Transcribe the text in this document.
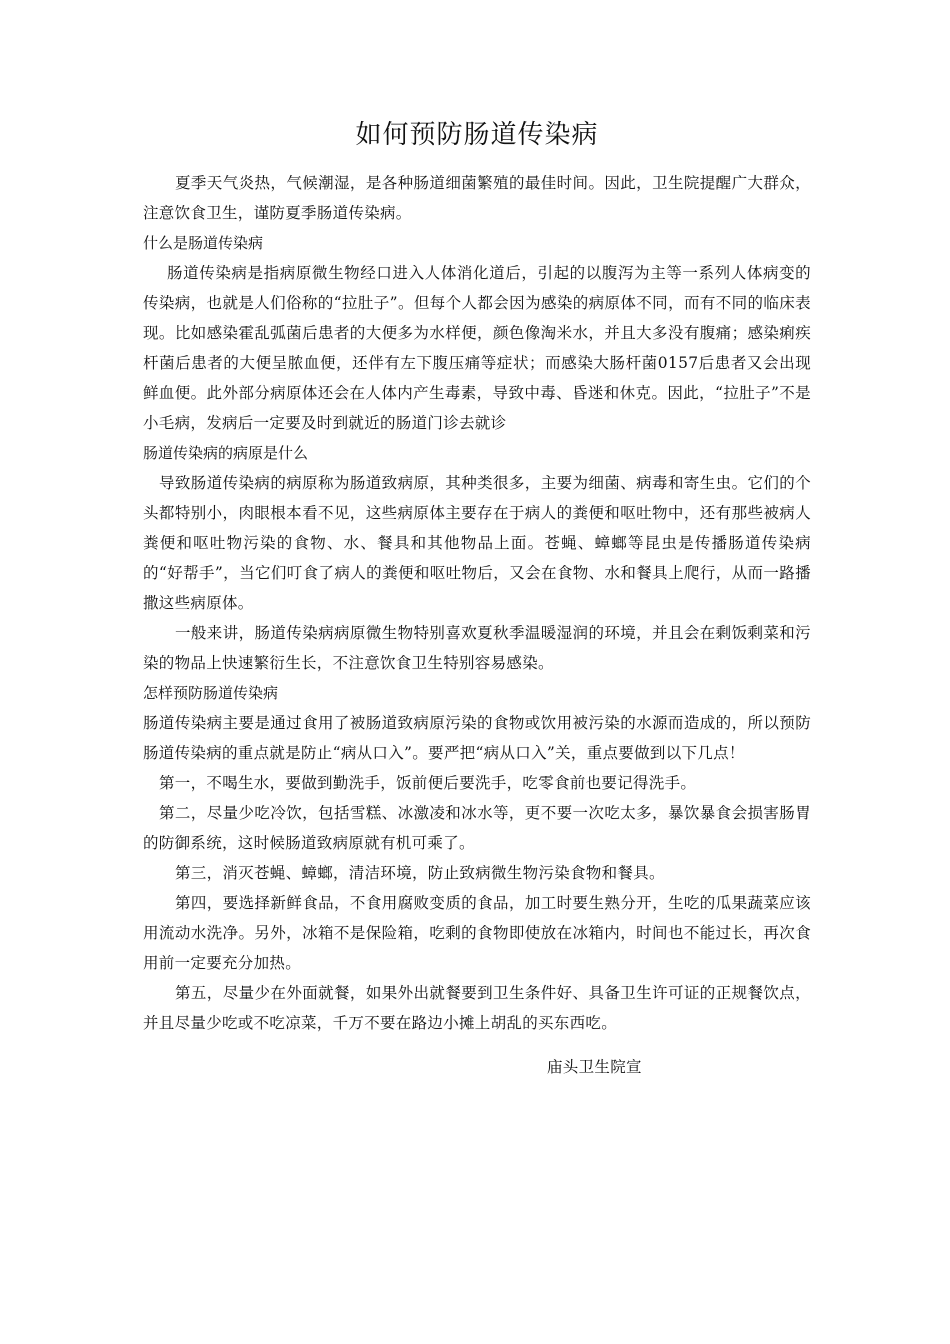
如何预防肠道传染病

夏季天气炎热，气候潮湿，是各种肠道细菌繁殖的最佳时间。因此，卫生院提醒广大群众，注意饮食卫生，谨防夏季肠道传染病。

什么是肠道传染病

肠道传染病是指病原微生物经口进入人体消化道后，引起的以腹泻为主等一系列人体病变的传染病，也就是人们俗称的“拉肚子”。但每个人都会因为感染的病原体不同，而有不同的临床表现。比如感染霍乱弧菌后患者的大便多为水样便，颜色像淘米水，并且大多没有腹痛；感染痢疾杆菌后患者的大便呈脓血便，还伴有左下腹压痛等症状；而感染大肠杆菌0157后患者又会出现鲜血便。此外部分病原体还会在人体内产生毒素，导致中毒、昏迷和休克。因此，“拉肚子”不是小毛病，发病后一定要及时到就近的肠道门诊去就诊

肠道传染病的病原是什么

导致肠道传染病的病原称为肠道致病原，其种类很多，主要为细菌、病毒和寄生虫。它们的个头都特别小，肉眼根本看不见，这些病原体主要存在于病人的粪便和呕吐物中，还有那些被病人粪便和呕吐物污染的食物、水、餐具和其他物品上面。苍蝇、蟑螂等昆虫是传播肠道传染病的“好帮手”，当它们叮食了病人的粪便和呕吐物后，又会在食物、水和餐具上爬行，从而一路播撒这些病原体。

一般来讲，肠道传染病病原微生物特别喜欢夏秋季温暖湿润的环境，并且会在剩饭剩菜和污染的物品上快速繁衍生长，不注意饮食卫生特别容易感染。

怎样预防肠道传染病

肠道传染病主要是通过食用了被肠道致病原污染的食物或饮用被污染的水源而造成的，所以预防肠道传染病的重点就是防止“病从口入”。要严把“病从口入”关，重点要做到以下几点！

第一，不喝生水，要做到勤洗手，饭前便后要洗手，吃零食前也要记得洗手。

第二，尽量少吃冷饮，包括雪糕、冰激凌和冰水等，更不要一次吃太多，暴饮暴食会损害肠胃的防御系统，这时候肠道致病原就有机可乘了。

第三，消灭苍蝇、蟑螂，清洁环境，防止致病微生物污染食物和餐具。

第四，要选择新鲜食品，不食用腐败变质的食品，加工时要生熟分开，生吃的瓜果蔬菜应该用流动水洗净。另外，冰箱不是保险箱，吃剩的食物即使放在冰箱内，时间也不能过长，再次食用前一定要充分加热。

第五，尽量少在外面就餐，如果外出就餐要到卫生条件好、具备卫生许可证的正规餐饮点，并且尽量少吃或不吃凉菜，千万不要在路边小摊上胡乱的买东西吃。

庙头卫生院宣
